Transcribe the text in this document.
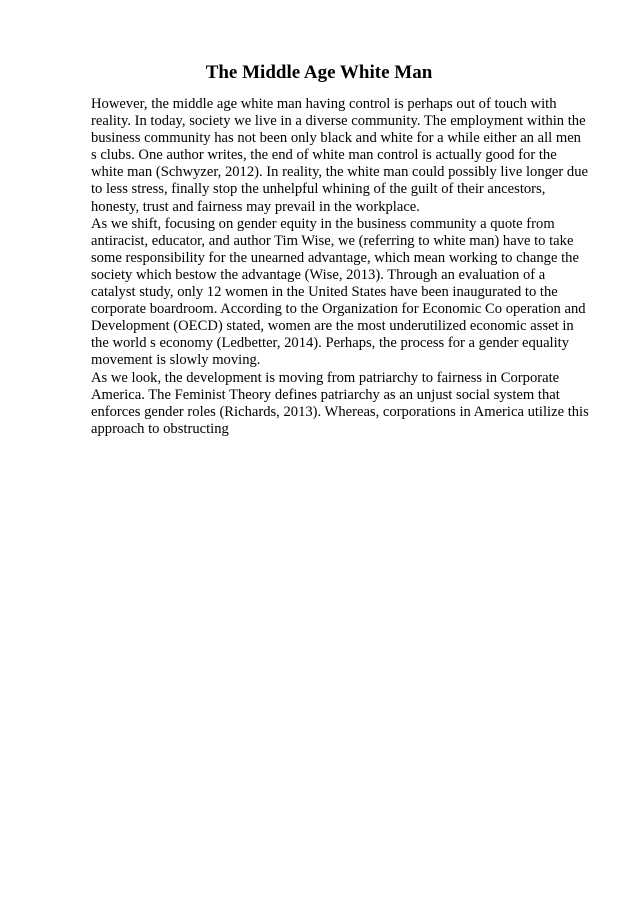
The Middle Age White Man
However, the middle age white man having control is perhaps out of touch with
reality. In today, society we live in a diverse community. The employment within the
business community has not been only black and white for a while either an all men
s clubs. One author writes, the end of white man control is actually good for the
white man (Schwyzer, 2012). In reality, the white man could possibly live longer due
to less stress, finally stop the unhelpful whining of the guilt of their ancestors,
honesty, trust and fairness may prevail in the workplace.
As we shift, focusing on gender equity in the business community a quote from
antiracist, educator, and author Tim Wise, we (referring to white man) have to take
some responsibility for the unearned advantage, which mean working to change the
society which bestow the advantage (Wise, 2013). Through an evaluation of a
catalyst study, only 12 women in the United States have been inaugurated to the
corporate boardroom. According to the Organization for Economic Co operation and
Development (OECD) stated, women are the most underutilized economic asset in
the world s economy (Ledbetter, 2014). Perhaps, the process for a gender equality
movement is slowly moving.
As we look, the development is moving from patriarchy to fairness in Corporate
America. The Feminist Theory defines patriarchy as an unjust social system that
enforces gender roles (Richards, 2013). Whereas, corporations in America utilize this
approach to obstructing
